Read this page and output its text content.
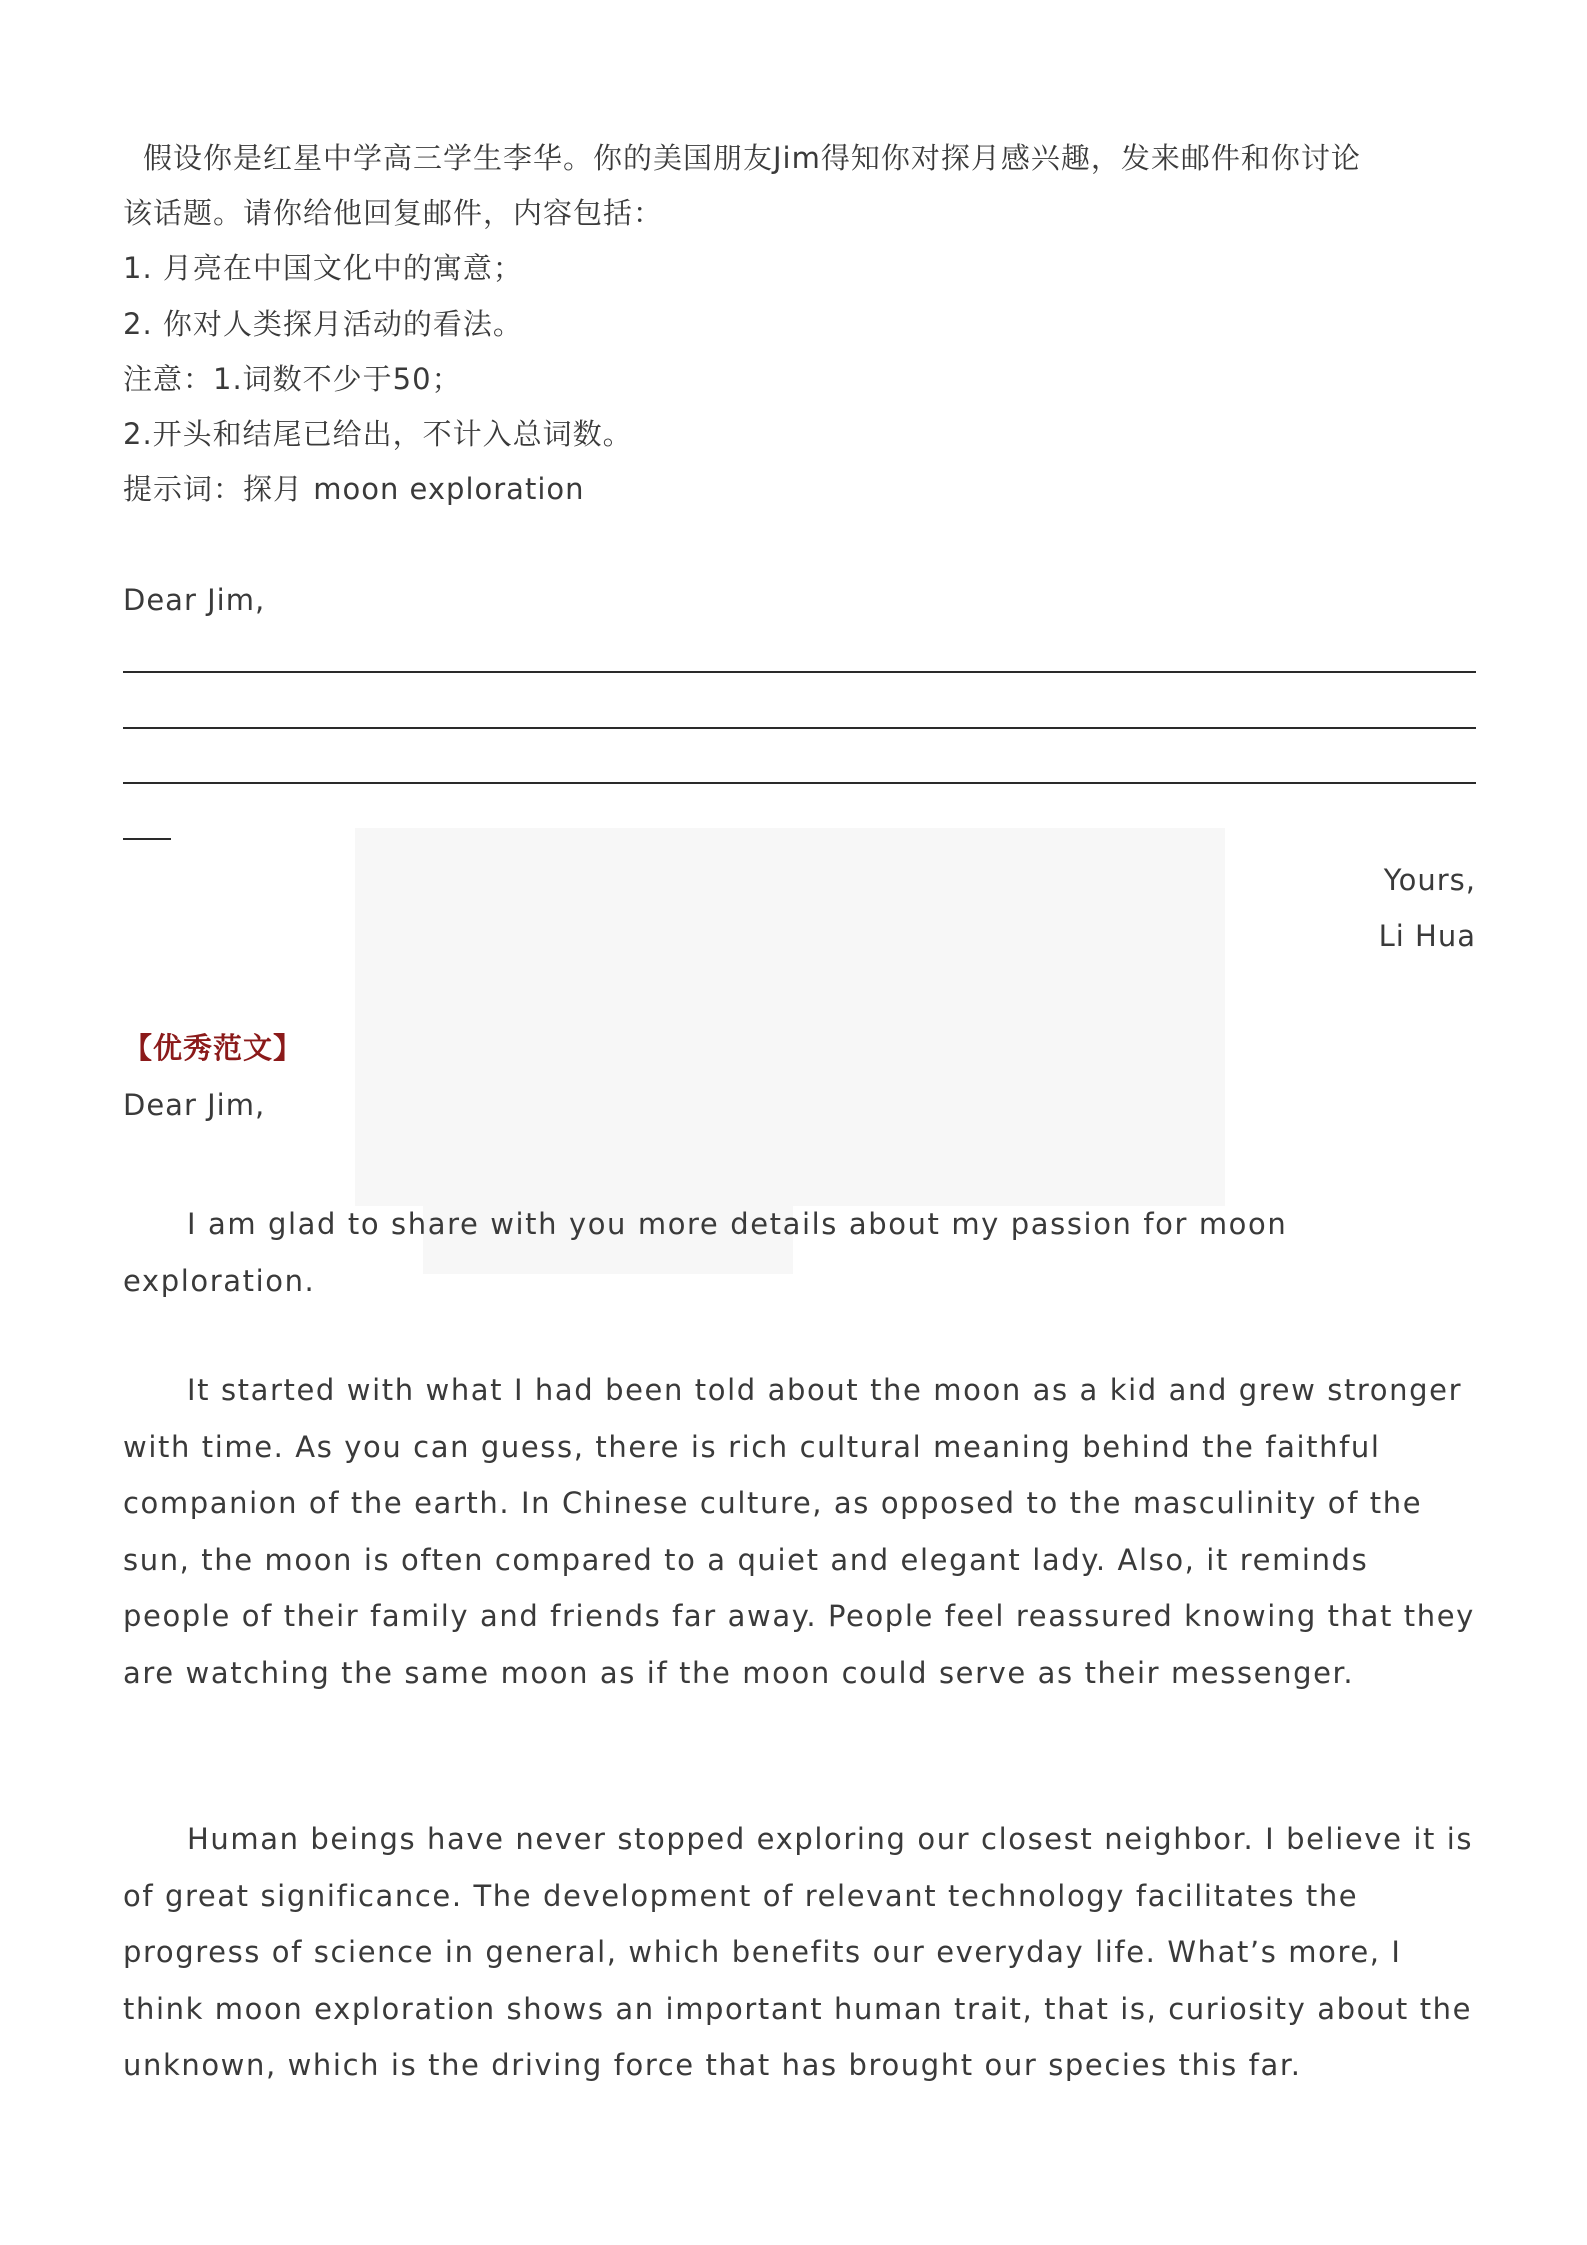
假设你是红星中学高三学生李华。你的美国朋友Jim得知你对探月感兴趣，发来邮件和你讨论
该话题。请你给他回复邮件，内容包括：
1. 月亮在中国文化中的寓意；
2. 你对人类探月活动的看法。
注意：1.词数不少于50；
2.开头和结尾已给出，不计入总词数。
提示词：探月 moon exploration
Dear Jim,
Yours,
Li Hua
【优秀范文】
Dear Jim,

I am glad to share with you more details about my passion for moon exploration.

It started with what I had been told about the moon as a kid and grew stronger with time. As you can guess, there is rich cultural meaning behind the faithful companion of the earth. In Chinese culture, as opposed to the masculinity of the sun, the moon is often compared to a quiet and elegant lady. Also, it reminds people of their family and friends far away. People feel reassured knowing that they are watching the same moon as if the moon could serve as their messenger.

Human beings have never stopped exploring our closest neighbor. I believe it is of great significance. The development of relevant technology facilitates the progress of science in general, which benefits our everyday life. What’s more, I think moon exploration shows an important human trait, that is, curiosity about the unknown, which is the driving force that has brought our species this far.
